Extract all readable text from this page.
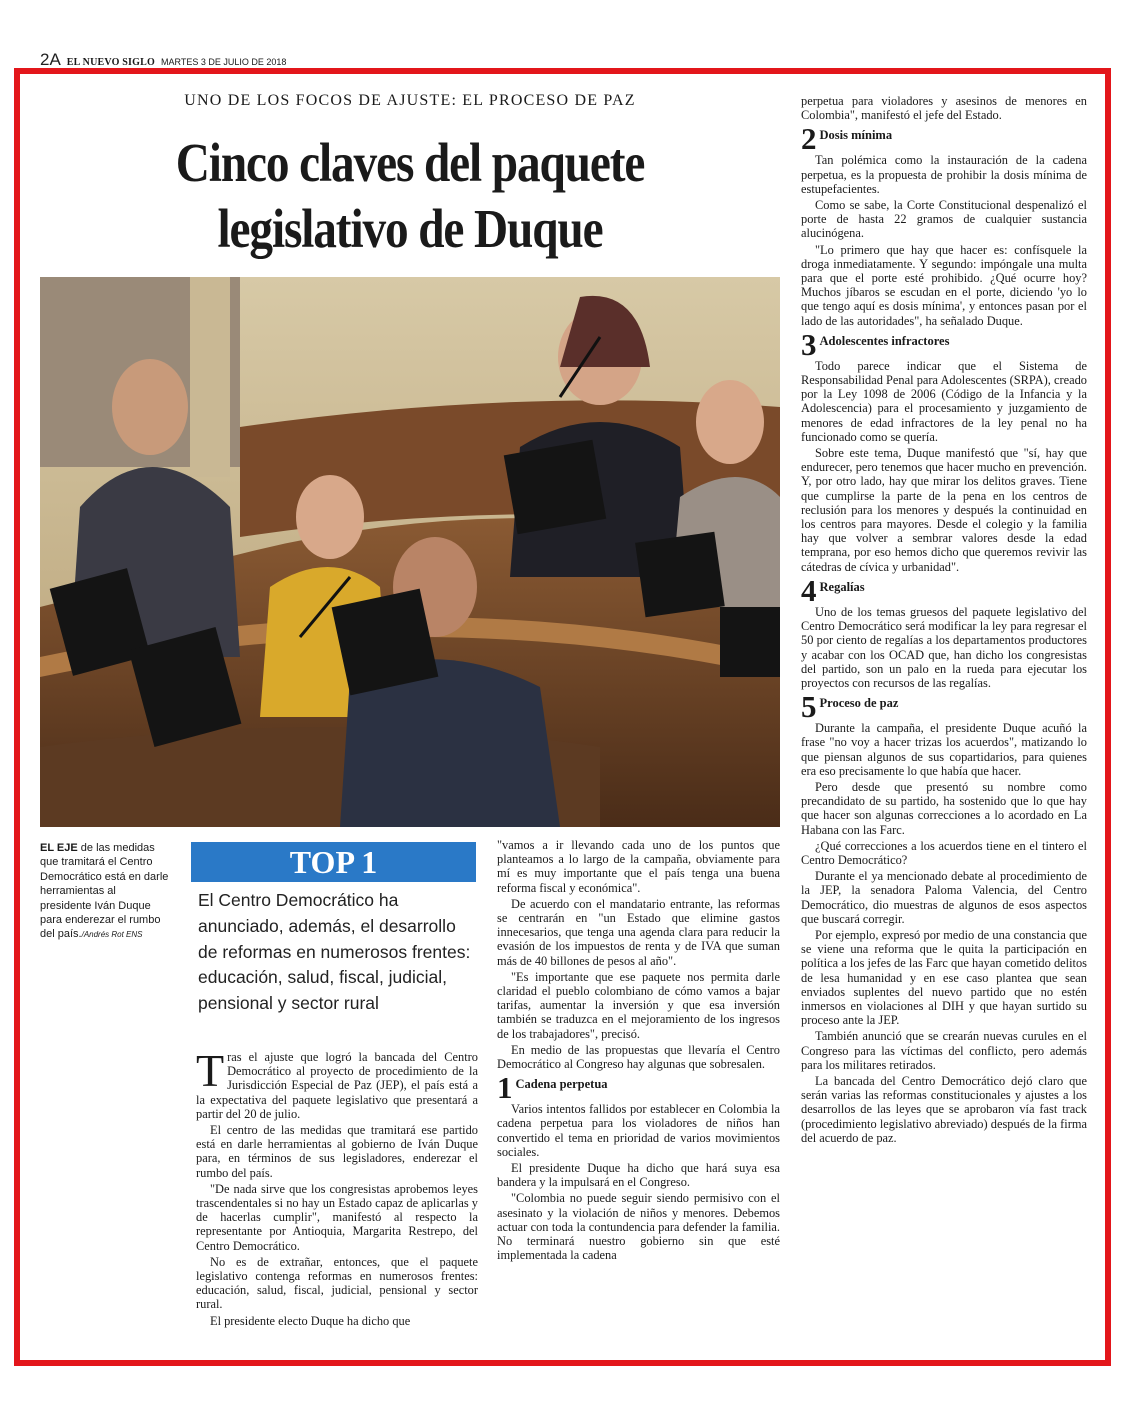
2A EL NUEVO SIGLO MARTES 3 DE JULIO DE 2018
UNO DE LOS FOCOS DE AJUSTE: EL PROCESO DE PAZ
Cinco claves del paquete
legislativo de Duque
EL EJE de las medidas que tramitará el Centro Democrático está en darle herramientas al presidente Iván Duque para enderezar el rumbo del país./Andrés Rot ENS
TOP 1
El Centro Democrático ha anunciado, además, el desarrollo de reformas en numerosos frentes: educación, salud, fiscal, judicial, pensional y sector rural

Tras el ajuste que logró la bancada del Centro Democrático al proyecto de procedimiento de la Jurisdicción Especial de Paz (JEP), el país está a la expectativa del paquete legislativo que presentará a partir del 20 de julio.

El centro de las medidas que tramitará ese partido está en darle herramientas al gobierno de Iván Duque para, en términos de sus legisladores, enderezar el rumbo del país.

"De nada sirve que los congresistas aprobemos leyes trascendentales si no hay un Estado capaz de aplicarlas y de hacerlas cumplir", manifestó al respecto la representante por Antioquia, Margarita Restrepo, del Centro Democrático.

No es de extrañar, entonces, que el paquete legislativo contenga reformas en numerosos frentes: educación, salud, fiscal, judicial, pensional y sector rural.

El presidente electo Duque ha dicho que

"vamos a ir llevando cada uno de los puntos que planteamos a lo largo de la campaña, obviamente para mí es muy importante que el país tenga una buena reforma fiscal y económica".

De acuerdo con el mandatario entrante, las reformas se centrarán en "un Estado que elimine gastos innecesarios, que tenga una agenda clara para reducir la evasión de los impuestos de renta y de IVA que suman más de 40 billones de pesos al año".

"Es importante que ese paquete nos permita darle claridad el pueblo colombiano de cómo vamos a bajar tarifas, aumentar la inversión y que esa inversión también se traduzca en el mejoramiento de los ingresos de los trabajadores", precisó.

En medio de las propuestas que llevaría el Centro Democrático al Congreso hay algunas que sobresalen.

1 Cadena perpetua

Varios intentos fallidos por establecer en Colombia la cadena perpetua para los violadores de niños han convertido el tema en prioridad de varios movimientos sociales.

El presidente Duque ha dicho que hará suya esa bandera y la impulsará en el Congreso.

"Colombia no puede seguir siendo permisivo con el asesinato y la violación de niños y menores. Debemos actuar con toda la contundencia para defender la familia. No terminará nuestro gobierno sin que esté implementada la cadena

perpetua para violadores y asesinos de menores en Colombia", manifestó el jefe del Estado.

2 Dosis mínima

Tan polémica como la instauración de la cadena perpetua, es la propuesta de prohibir la dosis mínima de estupefacientes.

Como se sabe, la Corte Constitucional despenalizó el porte de hasta 22 gramos de cualquier sustancia alucinógena.

"Lo primero que hay que hacer es: confísquele la droga inmediatamente. Y segundo: impóngale una multa para que el porte esté prohibido. ¿Qué ocurre hoy? Muchos jíbaros se escudan en el porte, diciendo 'yo lo que tengo aquí es dosis mínima', y entonces pasan por el lado de las autoridades", ha señalado Duque.

3 Adolescentes infractores

Todo parece indicar que el Sistema de Responsabilidad Penal para Adolescentes (SRPA), creado por la Ley 1098 de 2006 (Código de la Infancia y la Adolescencia) para el procesamiento y juzgamiento de menores de edad infractores de la ley penal no ha funcionado como se quería.

Sobre este tema, Duque manifestó que "sí, hay que endurecer, pero tenemos que hacer mucho en prevención. Y, por otro lado, hay que mirar los delitos graves. Tiene que cumplirse la parte de la pena en los centros de reclusión para los menores y después la continuidad en los centros para mayores. Desde el colegio y la familia hay que volver a sembrar valores desde la edad temprana, por eso hemos dicho que queremos revivir las cátedras de cívica y urbanidad".

4 Regalías

Uno de los temas gruesos del paquete legislativo del Centro Democrático será modificar la ley para regresar el 50 por ciento de regalías a los departamentos productores y acabar con los OCAD que, han dicho los congresistas del partido, son un palo en la rueda para ejecutar los proyectos con recursos de las regalías.

5 Proceso de paz

Durante la campaña, el presidente Duque acuñó la frase "no voy a hacer trizas los acuerdos", matizando lo que piensan algunos de sus copartidarios, para quienes era eso precisamente lo que había que hacer.

Pero desde que presentó su nombre como precandidato de su partido, ha sostenido que lo que hay que hacer son algunas correcciones a lo acordado en La Habana con las Farc.

¿Qué correcciones a los acuerdos tiene en el tintero el Centro Democrático?

Durante el ya mencionado debate al procedimiento de la JEP, la senadora Paloma Valencia, del Centro Democrático, dio muestras de algunos de esos aspectos que buscará corregir.

Por ejemplo, expresó por medio de una constancia que se viene una reforma que le quita la participación en política a los jefes de las Farc que hayan cometido delitos de lesa humanidad y en ese caso plantea que sean enviados suplentes del nuevo partido que no estén inmersos en violaciones al DIH y que hayan surtido su proceso ante la JEP.

También anunció que se crearán nuevas curules en el Congreso para las víctimas del conflicto, pero además para los militares retirados.

La bancada del Centro Democrático dejó claro que serán varias las reformas constitucionales y ajustes a los desarrollos de las leyes que se aprobaron vía fast track (procedimiento legislativo abreviado) después de la firma del acuerdo de paz.
